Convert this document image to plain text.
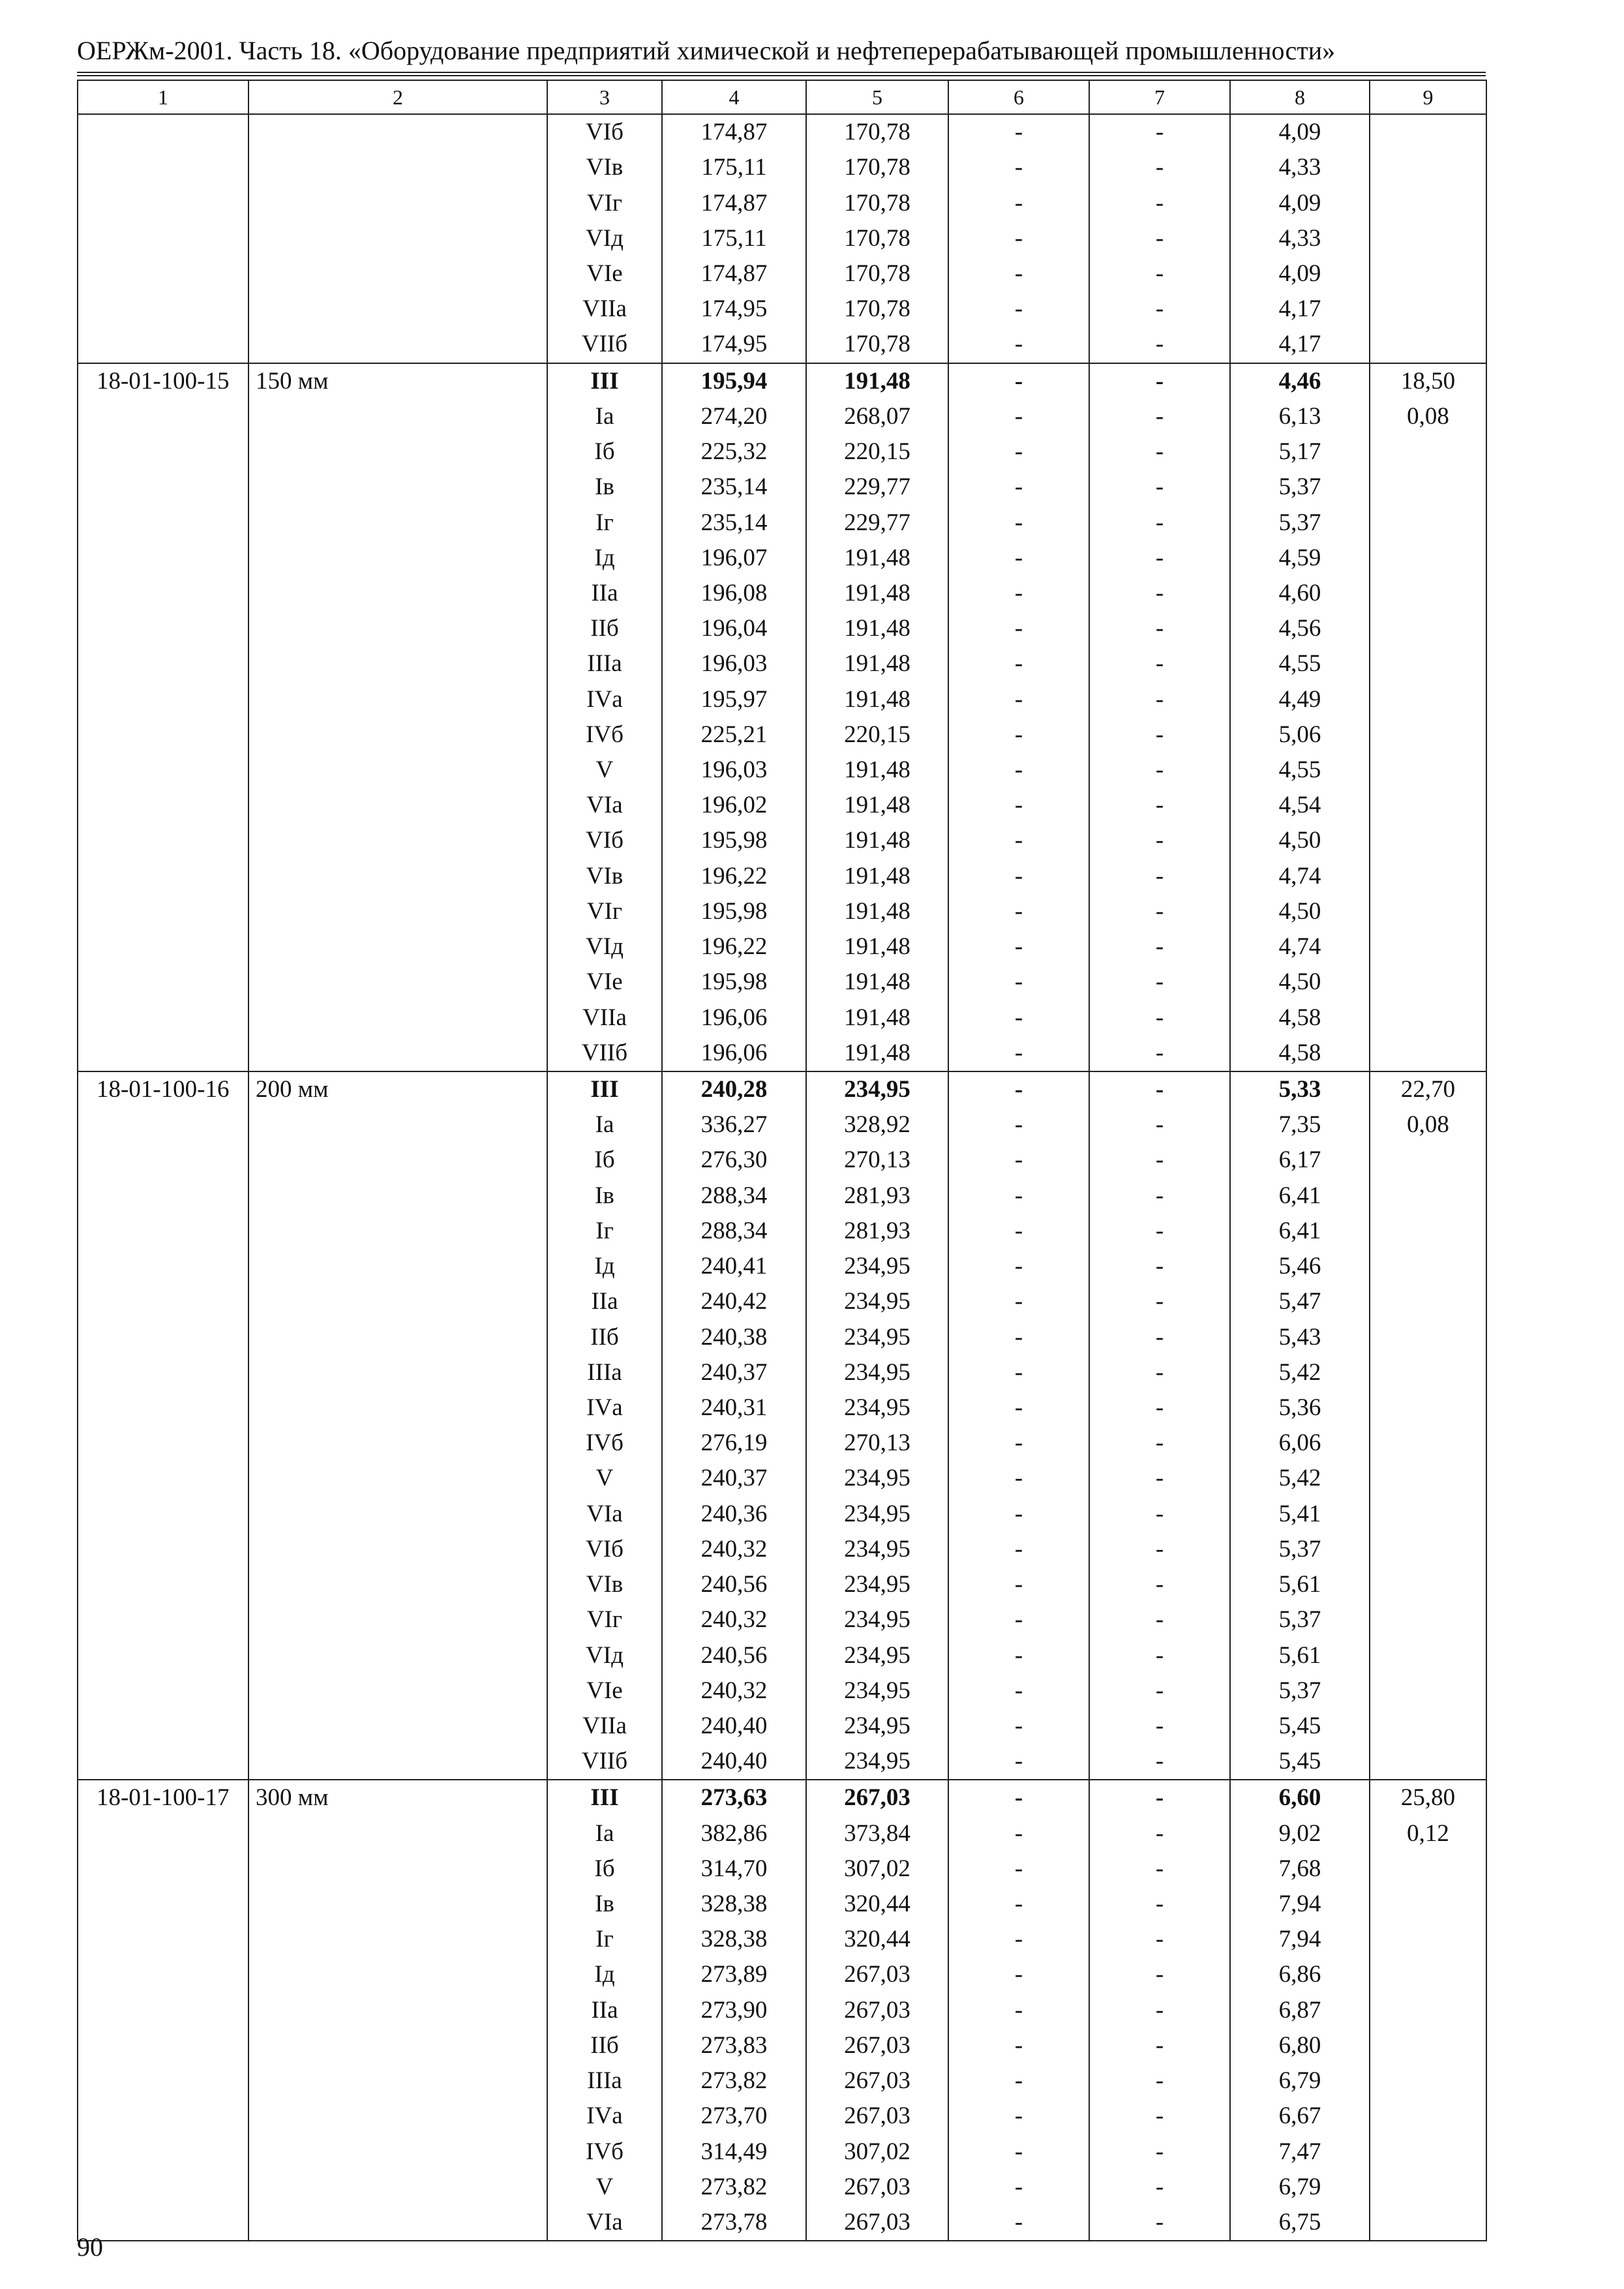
ОЕРЖм-2001. Часть 18. «Оборудование предприятий химической и нефтеперерабатывающей промышленности»
1	2	3	4	5	6	7	8	9
		VIб	174,87	170,78	-	-	4,09	
		VIв	175,11	170,78	-	-	4,33	
		VIг	174,87	170,78	-	-	4,09	
		VIд	175,11	170,78	-	-	4,33	
		VIе	174,87	170,78	-	-	4,09	
		VIIа	174,95	170,78	-	-	4,17	
		VIIб	174,95	170,78	-	-	4,17	
18-01-100-15	150 мм	III	195,94	191,48	-	-	4,46	18,50
		Iа	274,20	268,07	-	-	6,13	0,08
		Iб	225,32	220,15	-	-	5,17	
		Iв	235,14	229,77	-	-	5,37	
		Iг	235,14	229,77	-	-	5,37	
		Iд	196,07	191,48	-	-	4,59	
		IIа	196,08	191,48	-	-	4,60	
		IIб	196,04	191,48	-	-	4,56	
		IIIа	196,03	191,48	-	-	4,55	
		IVа	195,97	191,48	-	-	4,49	
		IVб	225,21	220,15	-	-	5,06	
		V	196,03	191,48	-	-	4,55	
		VIа	196,02	191,48	-	-	4,54	
		VIб	195,98	191,48	-	-	4,50	
		VIв	196,22	191,48	-	-	4,74	
		VIг	195,98	191,48	-	-	4,50	
		VIд	196,22	191,48	-	-	4,74	
		VIе	195,98	191,48	-	-	4,50	
		VIIа	196,06	191,48	-	-	4,58	
		VIIб	196,06	191,48	-	-	4,58	
18-01-100-16	200 мм	III	240,28	234,95	-	-	5,33	22,70
		Iа	336,27	328,92	-	-	7,35	0,08
		Iб	276,30	270,13	-	-	6,17	
		Iв	288,34	281,93	-	-	6,41	
		Iг	288,34	281,93	-	-	6,41	
		Iд	240,41	234,95	-	-	5,46	
		IIа	240,42	234,95	-	-	5,47	
		IIб	240,38	234,95	-	-	5,43	
		IIIа	240,37	234,95	-	-	5,42	
		IVа	240,31	234,95	-	-	5,36	
		IVб	276,19	270,13	-	-	6,06	
		V	240,37	234,95	-	-	5,42	
		VIа	240,36	234,95	-	-	5,41	
		VIб	240,32	234,95	-	-	5,37	
		VIв	240,56	234,95	-	-	5,61	
		VIг	240,32	234,95	-	-	5,37	
		VIд	240,56	234,95	-	-	5,61	
		VIе	240,32	234,95	-	-	5,37	
		VIIа	240,40	234,95	-	-	5,45	
		VIIб	240,40	234,95	-	-	5,45	
18-01-100-17	300 мм	III	273,63	267,03	-	-	6,60	25,80
		Iа	382,86	373,84	-	-	9,02	0,12
		Iб	314,70	307,02	-	-	7,68	
		Iв	328,38	320,44	-	-	7,94	
		Iг	328,38	320,44	-	-	7,94	
		Iд	273,89	267,03	-	-	6,86	
		IIа	273,90	267,03	-	-	6,87	
		IIб	273,83	267,03	-	-	6,80	
		IIIа	273,82	267,03	-	-	6,79	
		IVа	273,70	267,03	-	-	6,67	
		IVб	314,49	307,02	-	-	7,47	
		V	273,82	267,03	-	-	6,79	
		VIа	273,78	267,03	-	-	6,75	
90
